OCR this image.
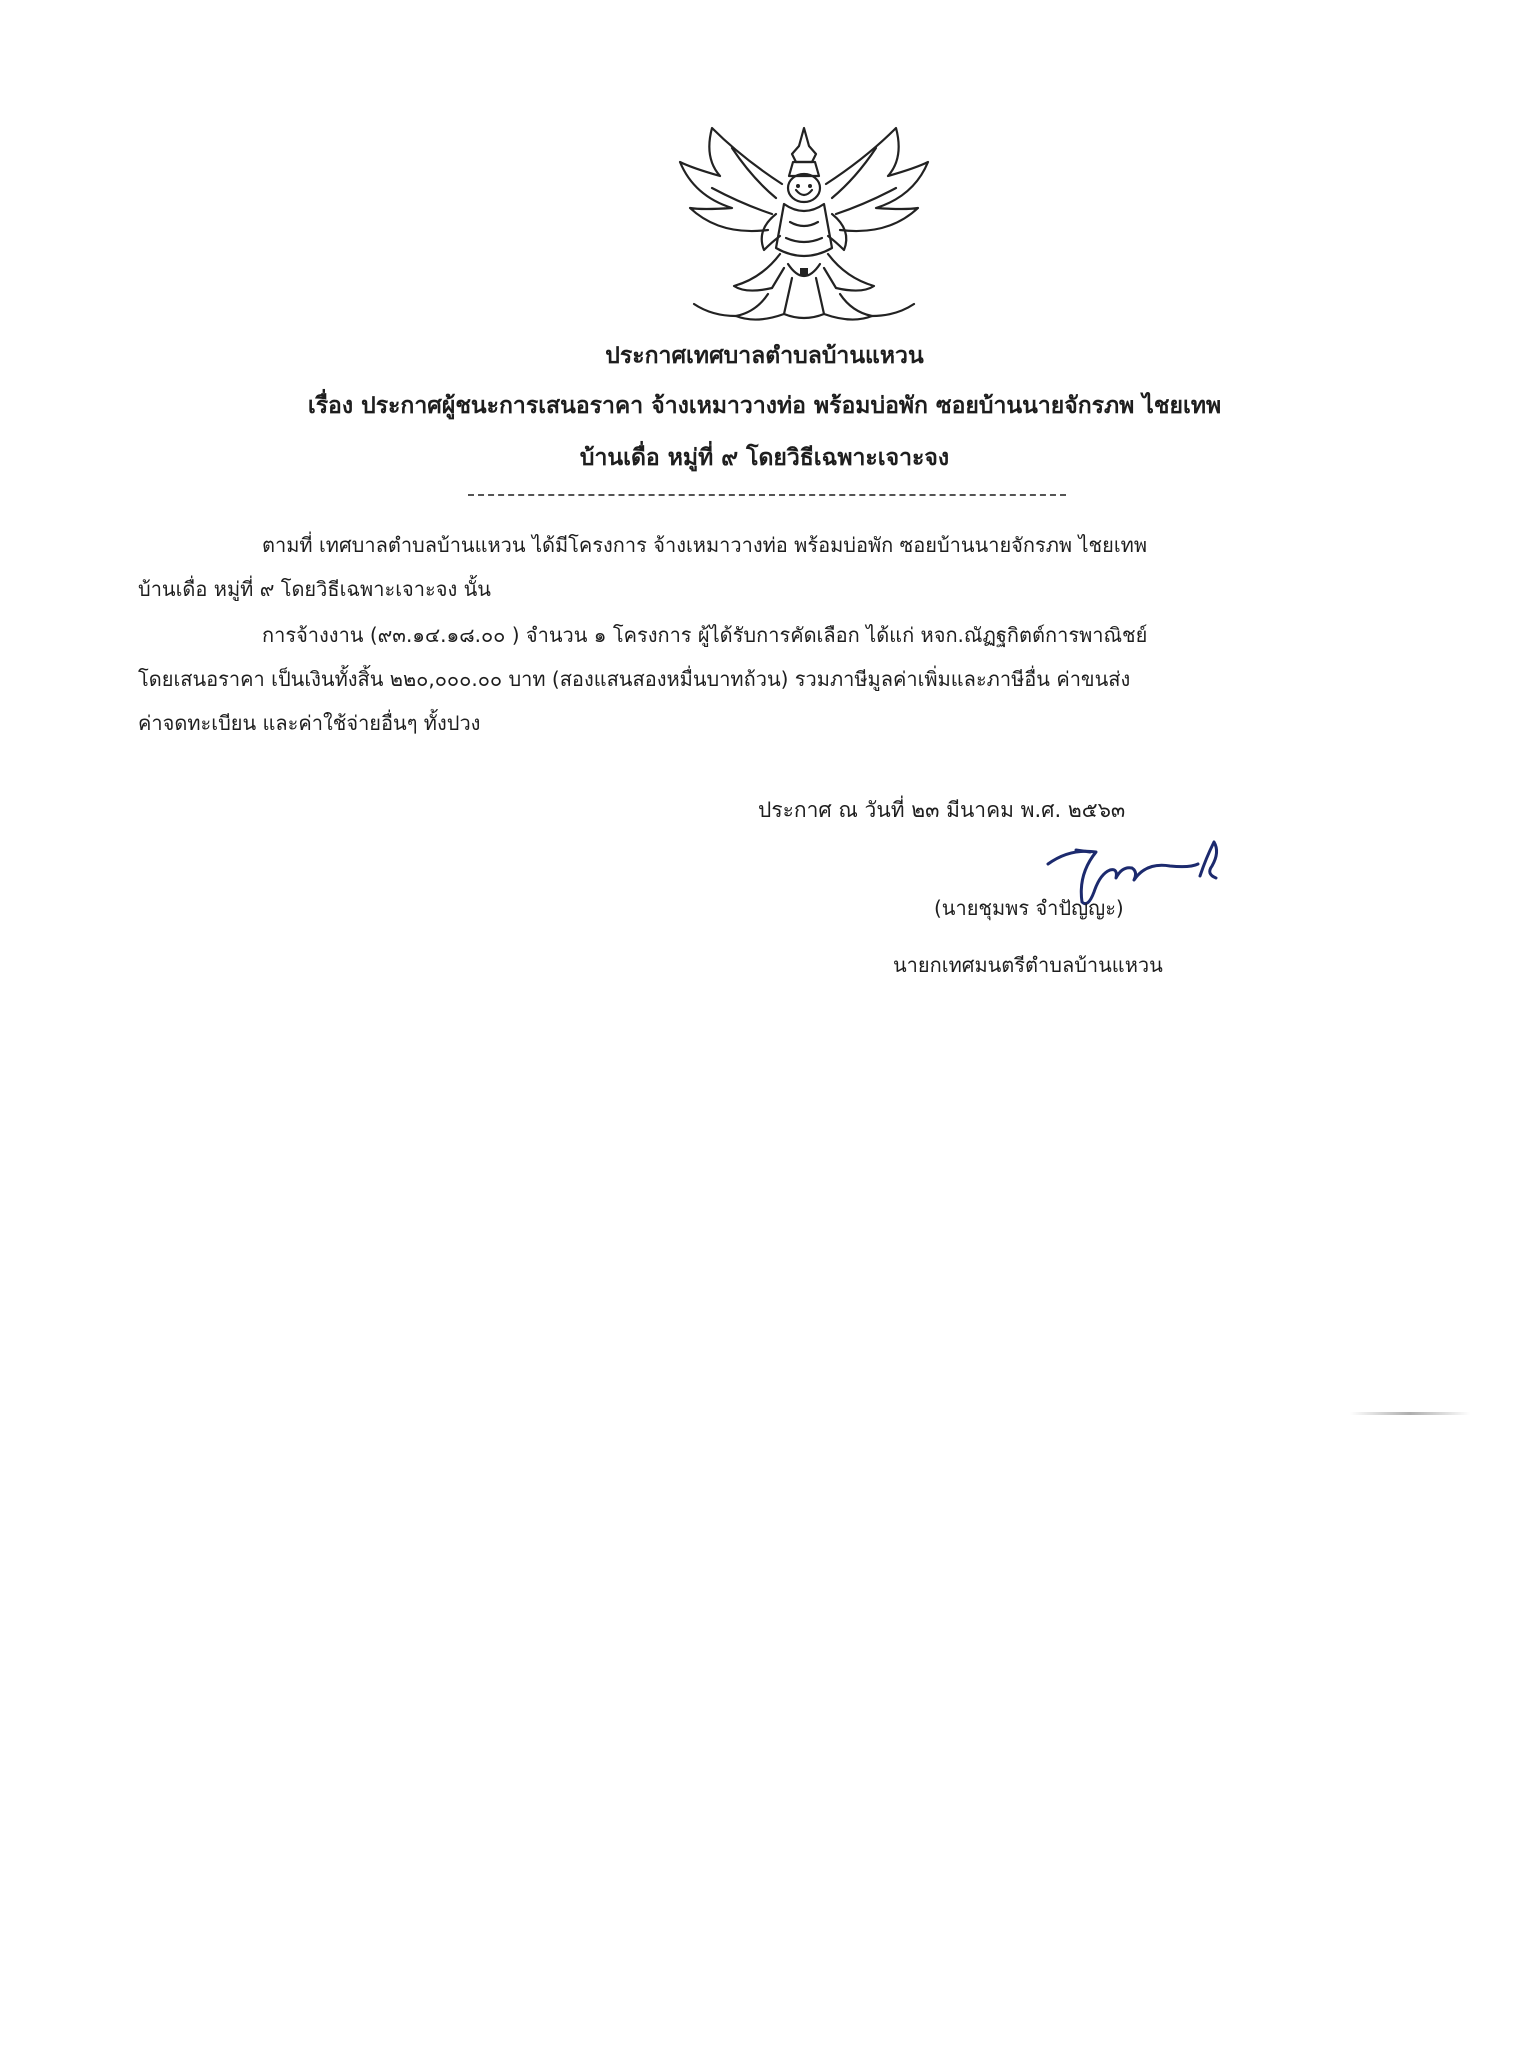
ประกาศเทศบาลตำบลบ้านแหวน
เรื่อง ประกาศผู้ชนะการเสนอราคา จ้างเหมาวางท่อ พร้อมบ่อพัก ซอยบ้านนายจักรภพ ไชยเทพ
บ้านเดื่อ หมู่ที่ ๙ โดยวิธีเฉพาะเจาะจง
ตามที่ เทศบาลตำบลบ้านแหวน ได้มีโครงการ จ้างเหมาวางท่อ พร้อมบ่อพัก ซอยบ้านนายจักรภพ ไชยเทพ
บ้านเดื่อ หมู่ที่ ๙ โดยวิธีเฉพาะเจาะจง นั้น
การจ้างงาน (๙๓.๑๔.๑๘.๐๐ ) จำนวน ๑ โครงการ ผู้ได้รับการคัดเลือก ได้แก่ หจก.ณัฏฐกิตต์การพาณิชย์
โดยเสนอราคา เป็นเงินทั้งสิ้น ๒๒๐,๐๐๐.๐๐ บาท (สองแสนสองหมื่นบาทถ้วน) รวมภาษีมูลค่าเพิ่มและภาษีอื่น ค่าขนส่ง
ค่าจดทะเบียน และค่าใช้จ่ายอื่นๆ ทั้งปวง
ประกาศ ณ วันที่ ๒๓ มีนาคม พ.ศ. ๒๕๖๓
(นายชุมพร จำปัญญะ)
นายกเทศมนตรีตำบลบ้านแหวน
